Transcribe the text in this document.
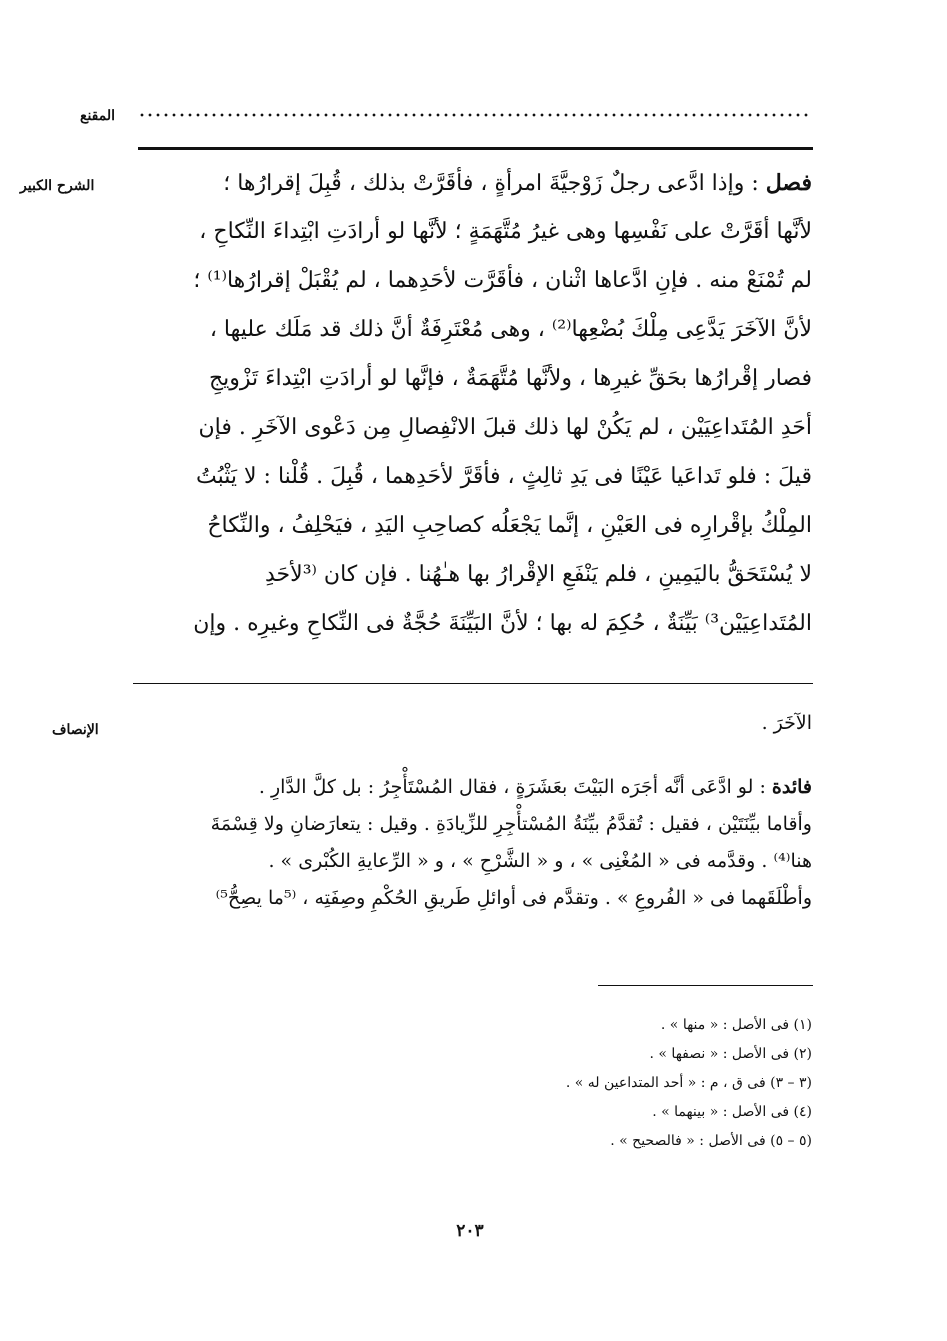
المقنع
الشرح الكبير
الإنصاف
فصل : وإذا ادَّعى رجلٌ زَوْجيَّةَ امرأةٍ ، فأقَرَّتْ بذلك ، قُبِلَ إقرارُها ؛
لأنَّها أقَرَّتْ على نَفْسِها وهى غيرُ مُتَّهَمَةٍ ؛ لأنَّها لو أرادَتِ ابْتِداءَ النِّكاحِ ،
لم تُمْنَعْ منه . فإنِ ادَّعاها اثْنان ، فأقَرَّت لأحَدِهما ، لم يُقْبَلْ إقرارُها⁽¹⁾ ؛
لأنَّ الآخَرَ يَدَّعِى مِلْكَ بُضْعِها⁽²⁾ ، وهى مُعْتَرِفَةٌ أنَّ ذلك قد مَلَك عليها ،
فصار إقْرارُها بحَقِّ غيرِها ، ولأنَّها مُتَّهَمَةٌ ، فإنَّها لو أرادَتِ ابْتِداءَ تَزْويجِ
أحَدِ المُتَداعِيَيْن ، لم يَكُنْ لها ذلك قبلَ الانْفِصالِ مِن دَعْوى الآخَرِ . فإن
قيلَ : فلو تَداعَيا عَيْنًا فى يَدِ ثالِثٍ ، فأقَرَّ لأحَدِهما ، قُبِلَ . قُلْنا : لا يَثْبُتُ
المِلْكُ بإقْرارِه فى العَيْنِ ، إنَّما يَجْعَلُه كصاحِبِ اليَدِ ، فيَحْلِفُ ، والنِّكاحُ
لا يُسْتَحَقُّ باليَمِينِ ، فلم يَنْفَعِ الإقْرارُ بها هـٰهُنا . فإن كان ⁽³لأحَدِ
المُتَداعِيَيْن³⁾ بَيِّنَةٌ ، حُكِمَ له بها ؛ لأنَّ البَيِّنَةَ حُجَّةٌ فى النِّكاحِ وغيرِه . وإن
الآخَرَ .
فائدة : لو ادَّعَى أنَّه أجَرَه البَيْتَ بعَشَرَةٍ ، فقال المُسْتَأْجِرُ : بل كلَّ الدَّارِ .
وأقاما بيِّنَتَيْن ، فقيل : تُقدَّمُ بيِّنَةُ المُسْتأْجِرِ للزِّيادَةِ . وقيل : يتعارَضانِ ولا قِسْمَةَ
هنا⁽⁴⁾ . وقدَّمه فى « المُغْنِى » ، و « الشَّرْحِ » ، و « الرِّعايةِ الكُبْرى » .
وأطْلَقَهما فى « الفُروعِ » . وتقدَّم فى أوائلِ طَريقِ الحُكْمِ وصِفَتِه ، ⁽⁵ما يصِحُّ⁵⁾
(١) فى الأصل : « منها » .
(٢) فى الأصل : « نصفها » .
(٣ – ٣) فى ق ، م : « أحد المتداعين له » .
(٤) فى الأصل : « بينهما » .
(٥ – ٥) فى الأصل : « فالصحيح » .
٢٠٣
